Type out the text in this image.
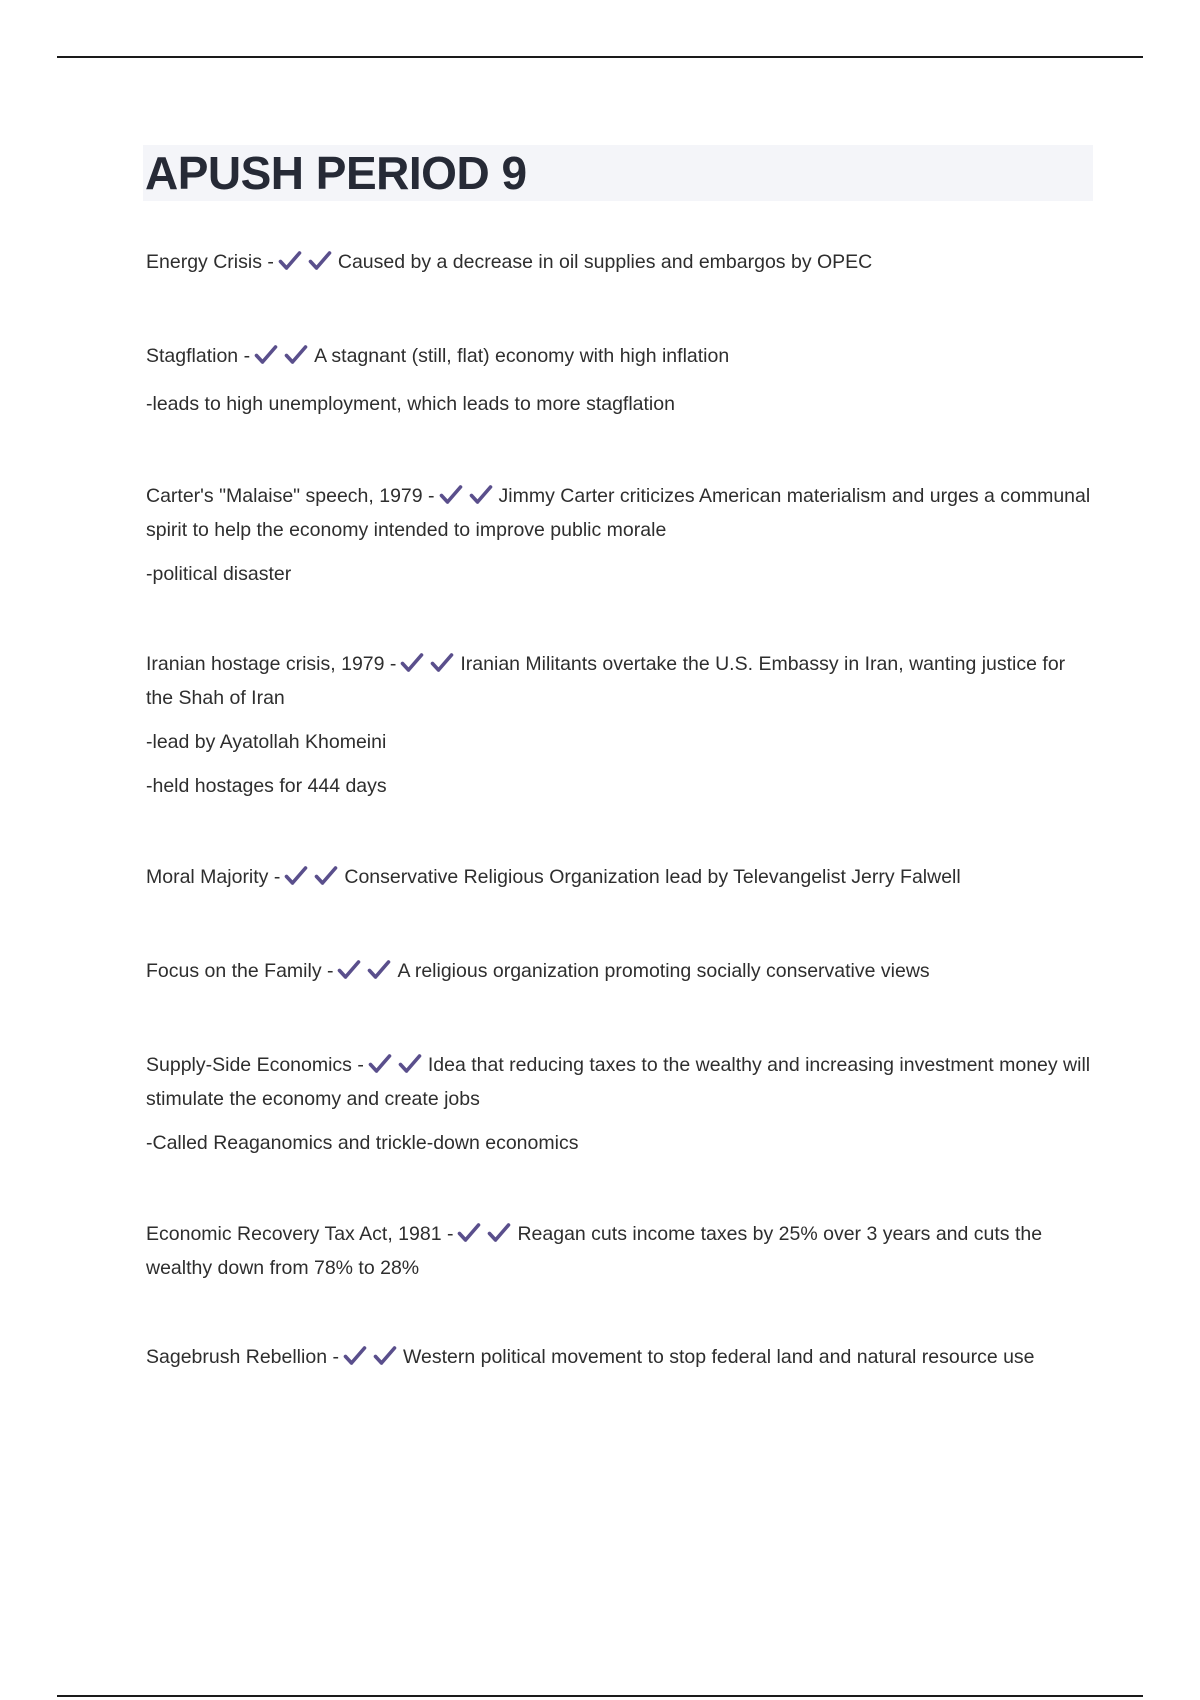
APUSH PERIOD 9

Energy Crisis -	Caused by a decrease in oil supplies and embargos by OPEC

Stagflation -	A stagnant (still, flat) economy with high inflation

-leads to high unemployment, which leads to more stagflation

Carter's "Malaise" speech, 1979 -	Jimmy Carter criticizes American materialism and urges a communal spirit to help the economy intended to improve public morale

-political disaster

Iranian hostage crisis, 1979 -	Iranian Militants overtake the U.S. Embassy in Iran, wanting justice for the Shah of Iran

-lead by Ayatollah Khomeini

-held hostages for 444 days

Moral Majority -	Conservative Religious Organization lead by Televangelist Jerry Falwell

Focus on the Family -	A religious organization promoting socially conservative views

Supply-Side Economics -	Idea that reducing taxes to the wealthy and increasing investment money will stimulate the economy and create jobs

-Called Reaganomics and trickle-down economics

Economic Recovery Tax Act, 1981 -	Reagan cuts income taxes by 25% over 3 years and cuts the wealthy down from 78% to 28%

Sagebrush Rebellion -	Western political movement to stop federal land and natural resource use
